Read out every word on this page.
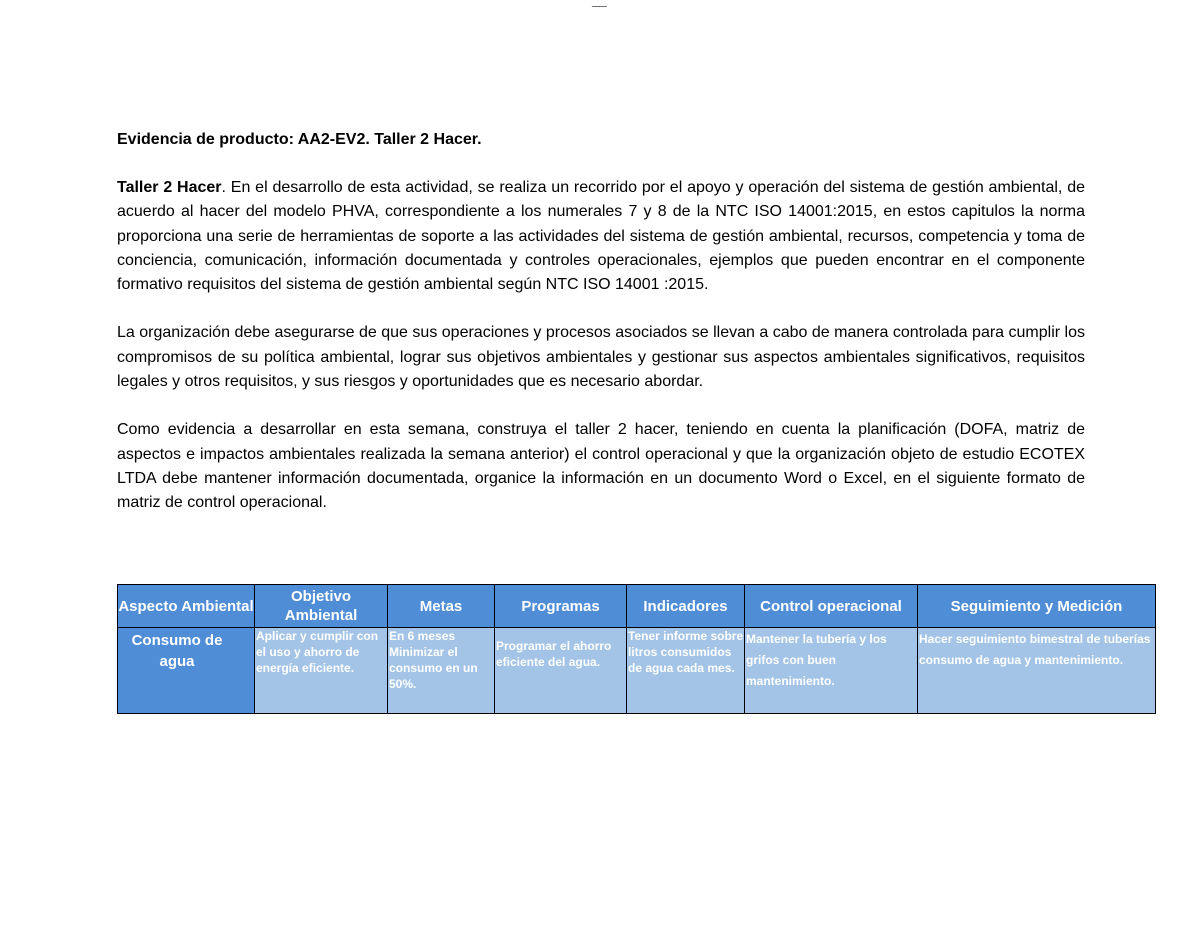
____

Evidencia de producto: AA2-EV2. Taller 2 Hacer.

Taller 2 Hacer. En el desarrollo de esta actividad, se realiza un recorrido por el apoyo y operación del sistema de gestión ambiental, de acuerdo al hacer del modelo PHVA, correspondiente a los numerales 7 y 8 de la NTC ISO 14001:2015, en estos capitulos la norma proporciona una serie de herramientas de soporte a las actividades del sistema de gestión ambiental, recursos, competencia y toma de conciencia, comunicación, información documentada y controles operacionales, ejemplos que pueden encontrar en el componente formativo requisitos del sistema de gestión ambiental según NTC ISO 14001 :2015.

La organización debe asegurarse de que sus operaciones y procesos asociados se llevan a cabo de manera controlada para cumplir los compromisos de su política ambiental, lograr sus objetivos ambientales y gestionar sus aspectos ambientales significativos, requisitos legales y otros requisitos, y sus riesgos y oportunidades que es necesario abordar.

Como evidencia a desarrollar en esta semana, construya el taller 2 hacer, teniendo en cuenta la planificación (DOFA, matriz de aspectos e impactos ambientales realizada la semana anterior) el control operacional y que la organización objeto de estudio ECOTEX LTDA debe mantener información documentada, organice la información en un documento Word o Excel, en el siguiente formato de matriz de control operacional.

Aspecto Ambiental	Objetivo Ambiental	Metas	Programas	Indicadores	Control operacional	Seguimiento y Medición

Consumo de agua	Aplicar y cumplir con el uso y ahorro de energía eficiente.	En 6 meses Minimizar el consumo en un 50%.	Programar el ahorro eficiente del agua.	Tener informe sobre litros consumidos de agua cada mes.	Mantener la tubería y los grifos con buen mantenimiento.	Hacer seguimiento bimestral de tuberías consumo de agua y mantenimiento.
